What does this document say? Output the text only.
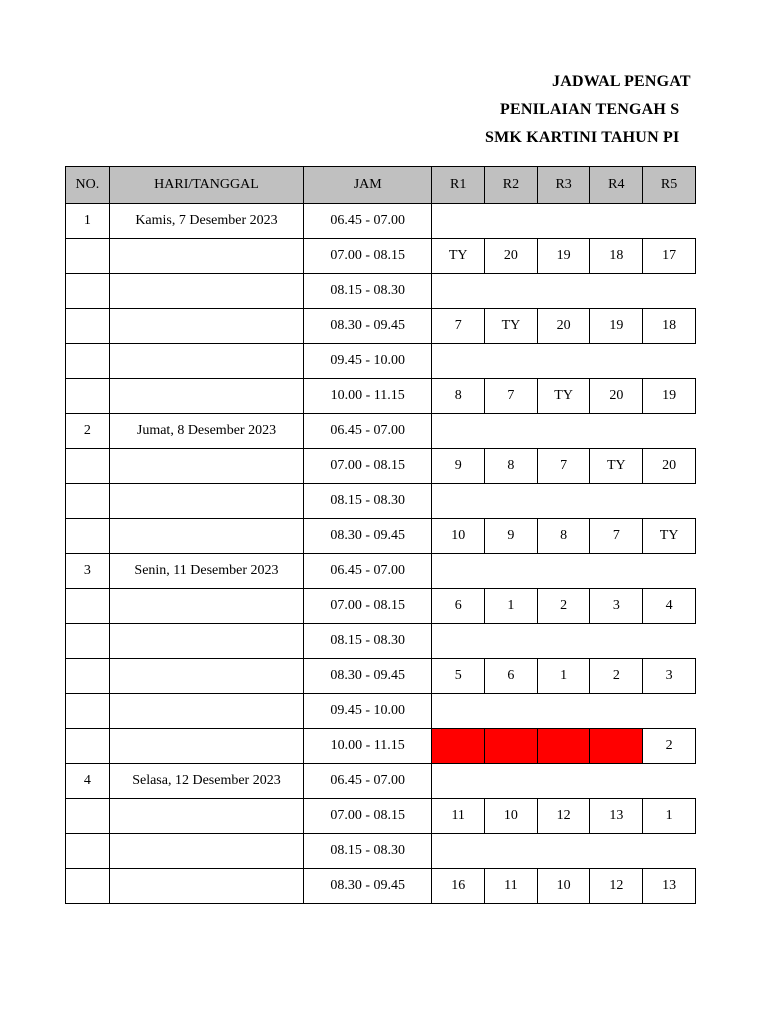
JADWAL PENGAT
PENILAIAN TENGAH S
SMK KARTINI TAHUN PI
NO.	HARI/TANGGAL	JAM	R1	R2	R3	R4	R5
1	Kamis, 7 Desember 2023	06.45 - 07.00					
		07.00 - 08.15	TY	20	19	18	17
		08.15 - 08.30					
		08.30 - 09.45	7	TY	20	19	18
		09.45 - 10.00					
		10.00 - 11.15	8	7	TY	20	19
2	Jumat, 8 Desember 2023	06.45 - 07.00					
		07.00 - 08.15	9	8	7	TY	20
		08.15 - 08.30					
		08.30 - 09.45	10	9	8	7	TY
3	Senin, 11 Desember 2023	06.45 - 07.00					
		07.00 - 08.15	6	1	2	3	4
		08.15 - 08.30					
		08.30 - 09.45	5	6	1	2	3
		09.45 - 10.00					
		10.00 - 11.15					2
4	Selasa, 12 Desember 2023	06.45 - 07.00					
		07.00 - 08.15	11	10	12	13	1
		08.15 - 08.30					
		08.30 - 09.45	16	11	10	12	13
